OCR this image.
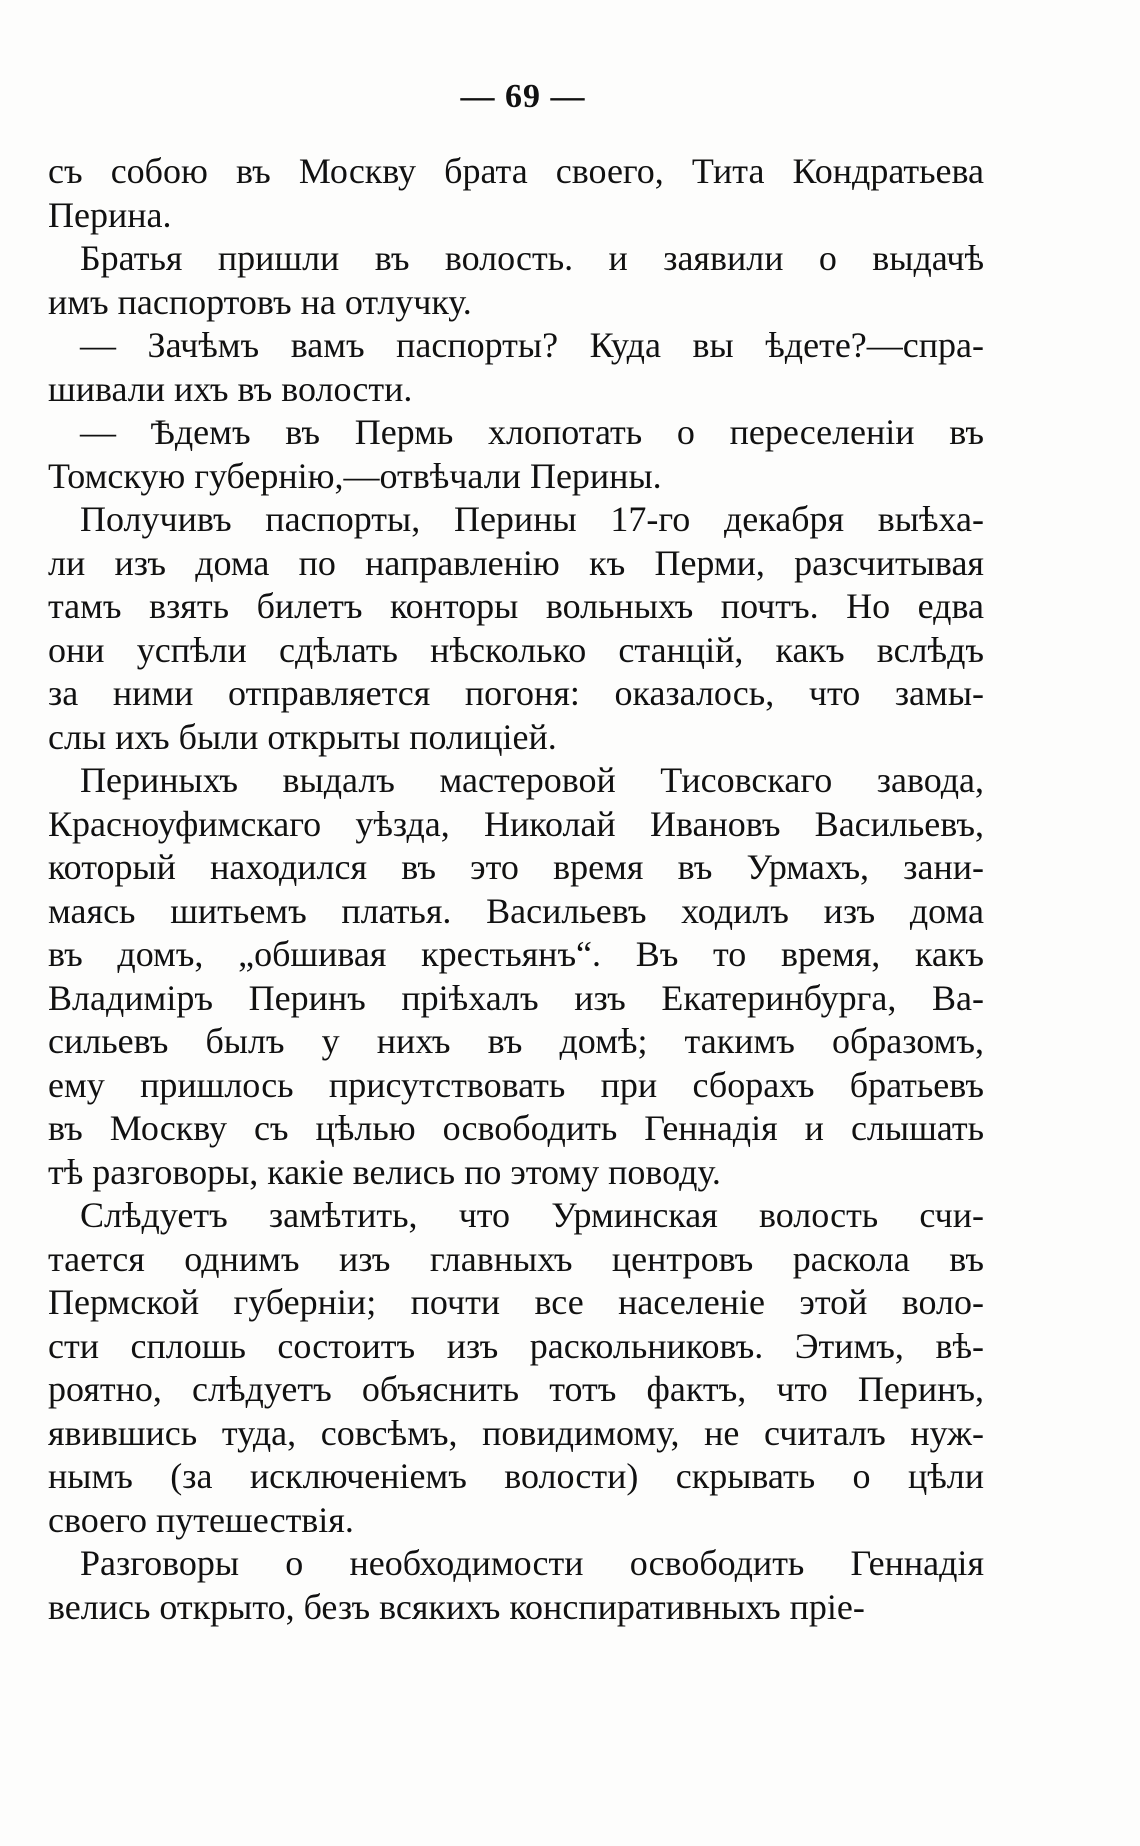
— 69 —
съ собою въ Москву брата своего, Тита Кондратьева
Перина.
Братья пришли въ волость. и заявили о выдачѣ
имъ паспортовъ на отлучку.
— Зачѣмъ вамъ паспорты? Куда вы ѣдете?—спра-
шивали ихъ въ волости.
— Ѣдемъ въ Пермь хлопотать о переселенiи въ
Томскую губернiю,—отвѣчали Перины.
Получивъ паспорты, Перины 17-го декабря выѣха-
ли изъ дома по направленiю къ Перми, разсчитывая
тамъ взять билетъ конторы вольныхъ почтъ. Но едва
они успѣли сдѣлать нѣсколько станцiй, какъ вслѣдъ
за ними отправляется погоня: оказалось, что замы-
слы ихъ были открыты полицiей.
Периныхъ выдалъ мастеровой Тисовскаго завода,
Красноуфимскаго уѣзда, Николай Ивановъ Васильевъ,
который находился въ это время въ Урмахъ, зани-
маясь шитьемъ платья. Васильевъ ходилъ изъ дома
въ домъ, „обшивая крестьянъ“. Въ то время, какъ
Владимiръ Перинъ прiѣхалъ изъ Екатеринбурга, Ва-
сильевъ былъ у нихъ въ домѣ; такимъ образомъ,
ему пришлось присутствовать при сборахъ братьевъ
въ Москву съ цѣлью освободить Геннадiя и слышать
тѣ разговоры, какiе велись по этому поводу.
Слѣдуетъ замѣтить, что Урминская волость счи-
тается однимъ изъ главныхъ центровъ раскола въ
Пермской губернiи; почти все населенiе этой воло-
сти сплошь состоитъ изъ раскольниковъ. Этимъ, вѣ-
роятно, слѣдуетъ объяснить тотъ фактъ, что Перинъ,
явившись туда, совсѣмъ, повидимому, не считалъ нуж-
нымъ (за исключенiемъ волости) скрывать о цѣли
своего путешествiя.
Разговоры о необходимости освободить Геннадiя
велись открыто, безъ всякихъ конспиративныхъ прiе-
